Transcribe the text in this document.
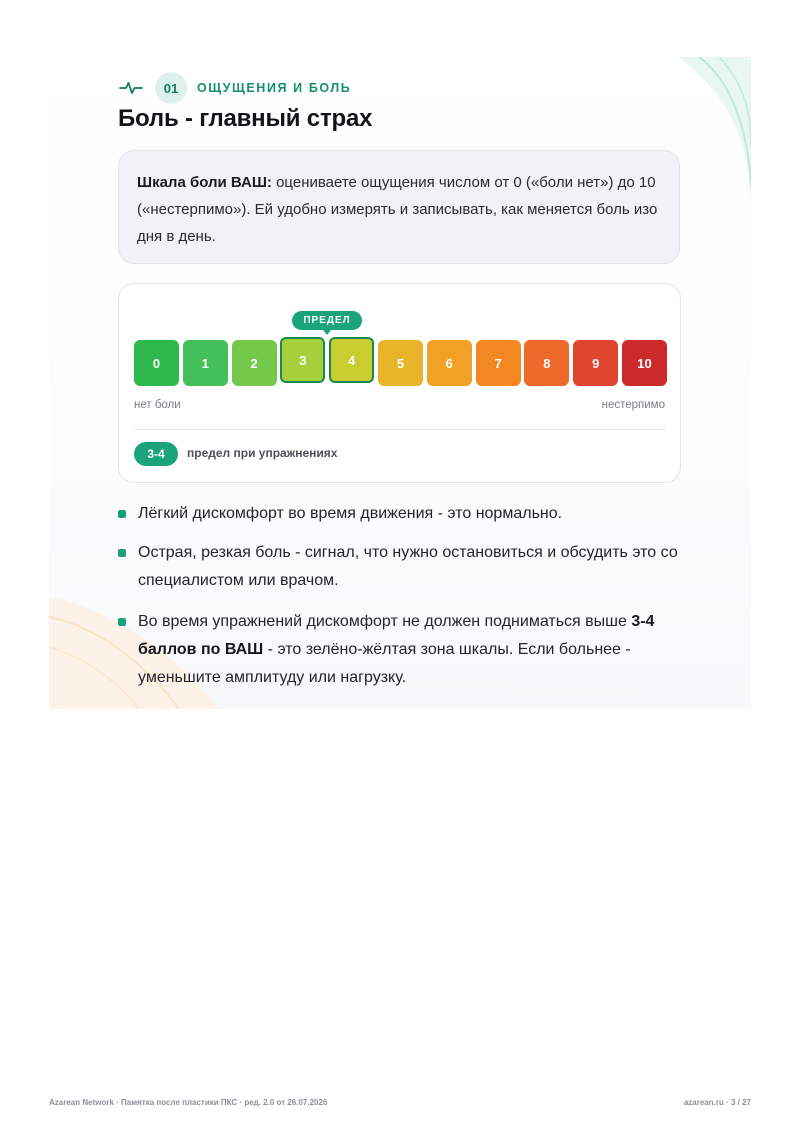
01	ОЩУЩЕНИЯ И БОЛЬ
Боль - главный страх
Шкала боли ВАШ: оцениваете ощущения числом от 0 («боли нет») до 10 («нестерпимо»). Ей удобно измерять и записывать, как меняется боль изо дня в день.
ПРЕДЕЛ
0	1	2	3	4	5	6	7	8	9	10
нет боли	нестерпимо
3-4	предел при упражнениях
Лёгкий дискомфорт во время движения - это нормально.
Острая, резкая боль - сигнал, что нужно остановиться и обсудить это со специалистом или врачом.
Во время упражнений дискомфорт не должен подниматься выше 3-4 баллов по ВАШ - это зелёно-жёлтая зона шкалы. Если больнее - уменьшите амплитуду или нагрузку.
Azarean Network · Памятка после пластики ПКС · ред. 2.0 от 26.07.2026	azarean.ru · 3 / 27
